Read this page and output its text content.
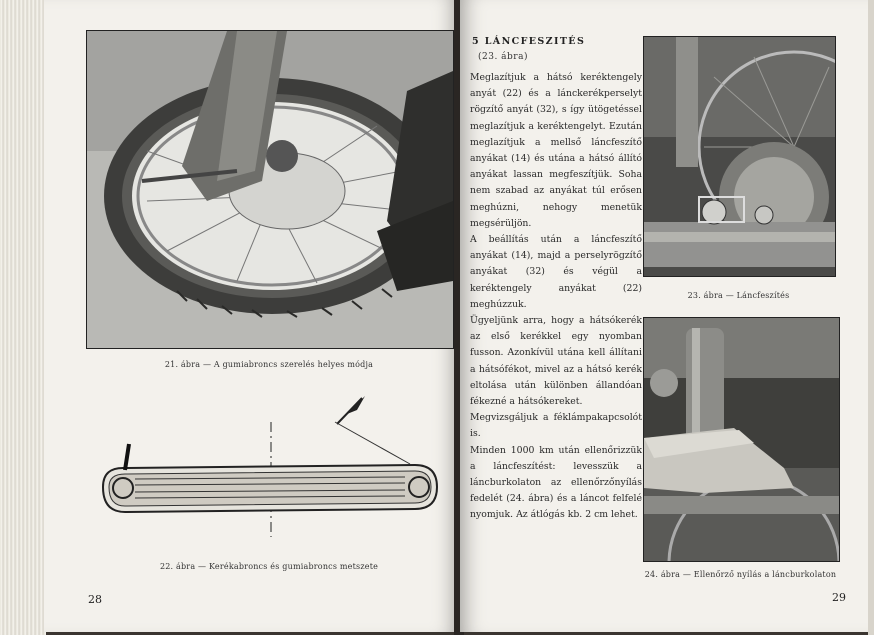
21. ábra — A gumiabroncs szerelés helyes módja
22. ábra — Kerékabroncs és gumiabroncs metszete
28
5 LÁNCFESZITÉS
(23. ábra)

Meglazítjuk a hátsó keréktengely anyát (22) és a lánckerékperselyt rögzítő anyát (32), s így ütögetéssel meglazítjuk a keréktengelyt. Ezután meglazítjuk a mellső láncfeszítő anyákat (14) és utána a hátsó állító anyákat lassan megfeszítjük. Soha nem szabad az anyákat túl erősen meghúzni, nehogy menetük megsérüljön.

A beállítás után a láncfeszítő anyákat (14), majd a perselyrögzítő anyákat (32) és végül a keréktengely anyákat (22) meghúzzuk.

Ügyeljünk arra, hogy a hátsókerék az első kerékkel egy nyomban fusson. Azonkívül utána kell állítani a hátsófékot, mivel az a hátsó kerék eltolása után különben állandóan fékezné a hátsókereket.

Megvizsgáljuk a féklámpakapcsolót is.

Minden 1000 km után ellenőrizzük a láncfeszítést: levesszük a láncburkolaton az ellenőrzőnyílás fedelét (24. ábra) és a láncot felfelé nyomjuk. Az átlógás kb. 2 cm lehet.

23. ábra — Láncfeszítés
24. ábra — Ellenőrző nyílás a láncburkolaton
29
